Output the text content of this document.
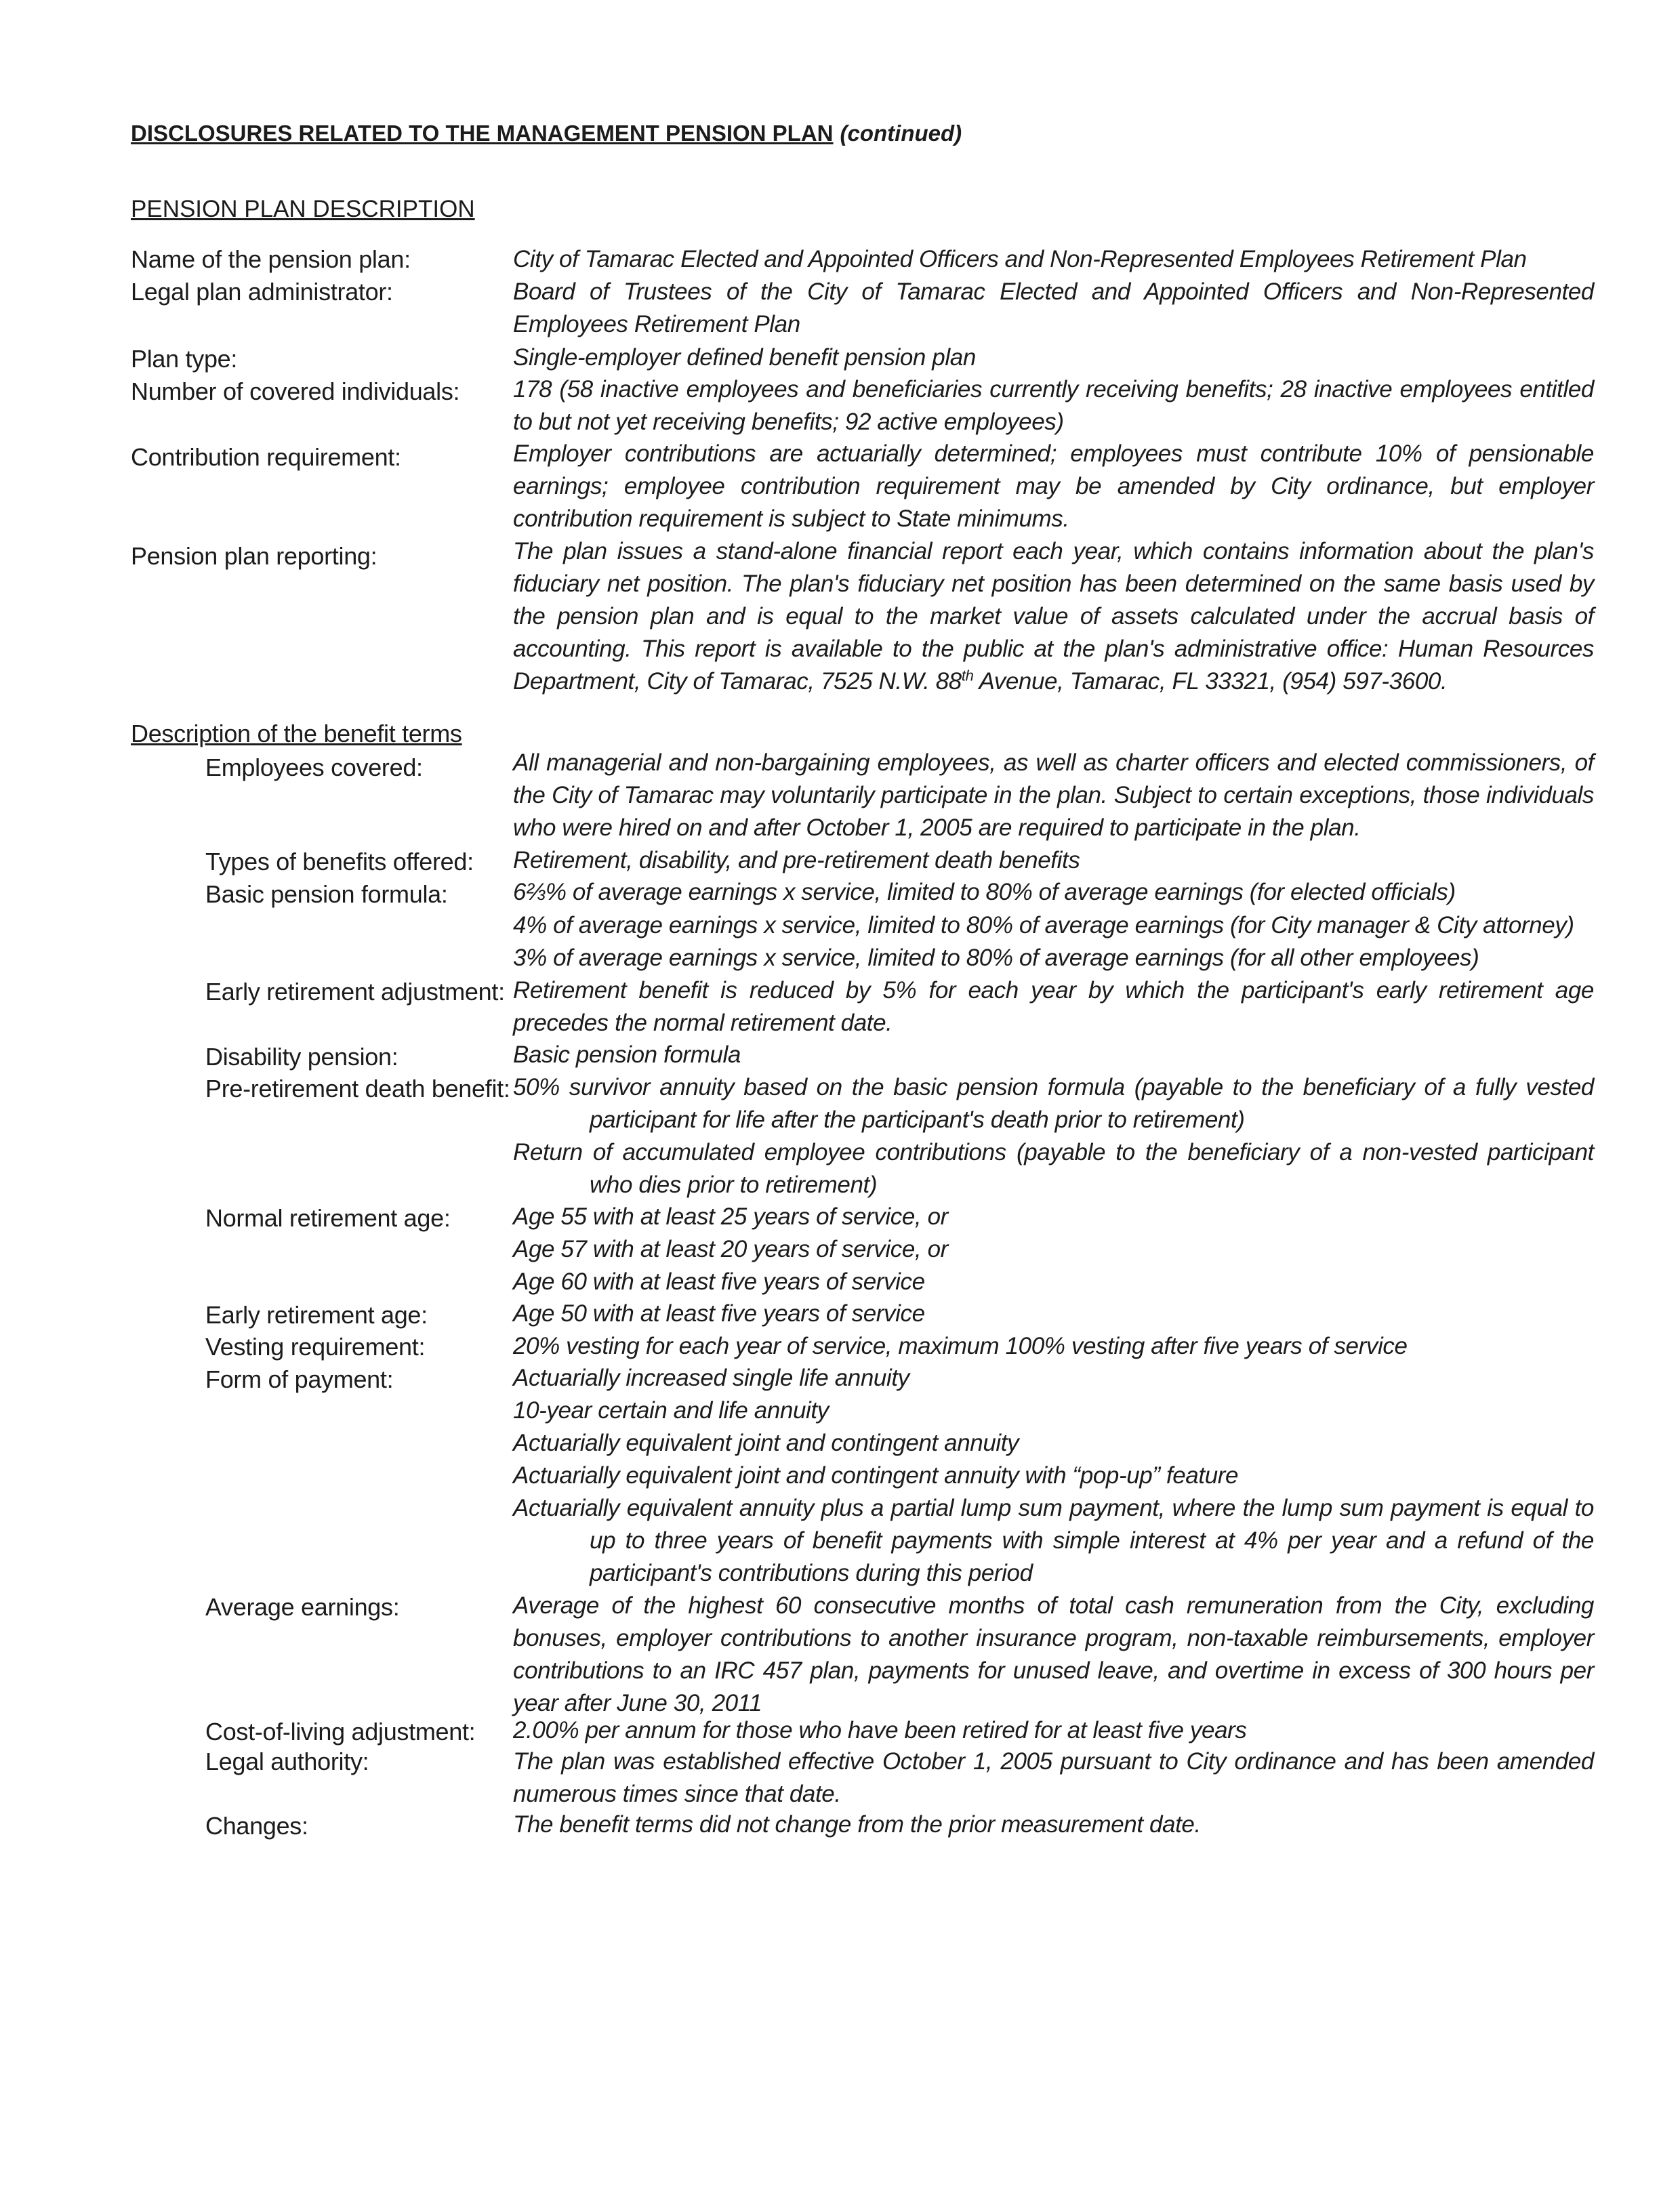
DISCLOSURES RELATED TO THE MANAGEMENT PENSION PLAN (continued)
PENSION PLAN DESCRIPTION
Name of the pension plan:	City of Tamarac Elected and Appointed Officers and Non-Represented Employees Retirement Plan
Legal plan administrator:	Board of Trustees of the City of Tamarac Elected and Appointed Officers and Non-Represented Employees Retirement Plan
Plan type:	Single-employer defined benefit pension plan
Number of covered individuals: 178 (58 inactive employees and beneficiaries currently receiving benefits; 28 inactive employees entitled to but not yet receiving benefits; 92 active employees)
Contribution requirement:	Employer contributions are actuarially determined; employees must contribute 10% of pensionable earnings; employee contribution requirement may be amended by City ordinance, but employer contribution requirement is subject to State minimums.
Pension plan reporting:	The plan issues a stand-alone financial report each year, which contains information about the plan's fiduciary net position. The plan's fiduciary net position has been determined on the same basis used by the pension plan and is equal to the market value of assets calculated under the accrual basis of accounting. This report is available to the public at the plan's administrative office: Human Resources Department, City of Tamarac, 7525 N.W. 88th Avenue, Tamarac, FL 33321, (954) 597-3600.
Description of the benefit terms
Employees covered:	All managerial and non-bargaining employees, as well as charter officers and elected commissioners, of the City of Tamarac may voluntarily participate in the plan. Subject to certain exceptions, those individuals who were hired on and after October 1, 2005 are required to participate in the plan.
Types of benefits offered: Retirement, disability, and pre-retirement death benefits
Basic pension formula:	6⅔% of average earnings x service, limited to 80% of average earnings (for elected officials)
4% of average earnings x service, limited to 80% of average earnings (for City manager & City attorney)
3% of average earnings x service, limited to 80% of average earnings (for all other employees)
Early retirement adjustment: Retirement benefit is reduced by 5% for each year by which the participant's early retirement age precedes the normal retirement date.
Disability pension:	Basic pension formula
Pre-retirement death benefit: 50% survivor annuity based on the basic pension formula (payable to the beneficiary of a fully vested participant for life after the participant's death prior to retirement)
Return of accumulated employee contributions (payable to the beneficiary of a non-vested participant who dies prior to retirement)
Normal retirement age:	Age 55 with at least 25 years of service, or
Age 57 with at least 20 years of service, or
Age 60 with at least five years of service
Early retirement age:	Age 50 with at least five years of service
Vesting requirement:	20% vesting for each year of service, maximum 100% vesting after five years of service
Form of payment:	Actuarially increased single life annuity
10-year certain and life annuity
Actuarially equivalent joint and contingent annuity
Actuarially equivalent joint and contingent annuity with “pop-up” feature
Actuarially equivalent annuity plus a partial lump sum payment, where the lump sum payment is equal to up to three years of benefit payments with simple interest at 4% per year and a refund of the participant's contributions during this period
Average earnings:	Average of the highest 60 consecutive months of total cash remuneration from the City, excluding bonuses, employer contributions to another insurance program, non-taxable reimbursements, employer contributions to an IRC 457 plan, payments for unused leave, and overtime in excess of 300 hours per year after June 30, 2011
Cost-of-living adjustment: 2.00% per annum for those who have been retired for at least five years
Legal authority:	The plan was established effective October 1, 2005 pursuant to City ordinance and has been amended numerous times since that date.
Changes:	The benefit terms did not change from the prior measurement date.
